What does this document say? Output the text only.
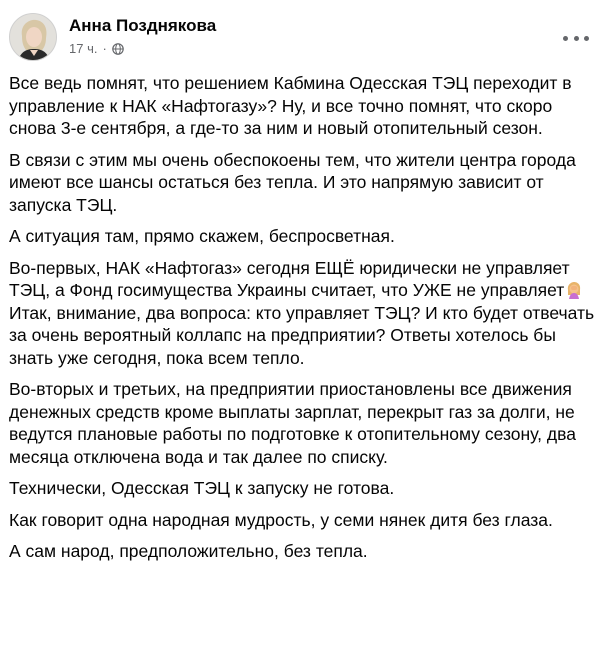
Анна Позднякова
17 ч. ·

Все ведь помнят, что решением Кабмина Одесская ТЭЦ переходит в управление к НАК «Нафтогазу»? Ну, и все точно помнят, что скоро снова 3-е сентября, а где-то за ним и новый отопительный сезон.

В связи с этим мы очень обеспокоены тем, что жители центра города имеют все шансы остаться без тепла. И это напрямую зависит от запуска ТЭЦ.

А ситуация там, прямо скажем, беспросветная.

Во-первых, НАК «Нафтогаз» сегодня ЕЩЁ юридически не управляет ТЭЦ, а Фонд госимущества Украины считает, что УЖЕ не управляет Итак, внимание, два вопроса: кто управляет ТЭЦ? И кто будет отвечать за очень вероятный коллапс на предприятии? Ответы хотелось бы знать уже сегодня, пока всем тепло.

Во-вторых и третьих, на предприятии приостановлены все движения денежных средств кроме выплаты зарплат, перекрыт газ за долги, не ведутся плановые работы по подготовке к отопительному сезону, два месяца отключена вода и так далее по списку.

Технически, Одесская ТЭЦ к запуску не готова.

Как говорит одна народная мудрость, у семи нянек дитя без глаза.

А сам народ, предположительно, без тепла.
